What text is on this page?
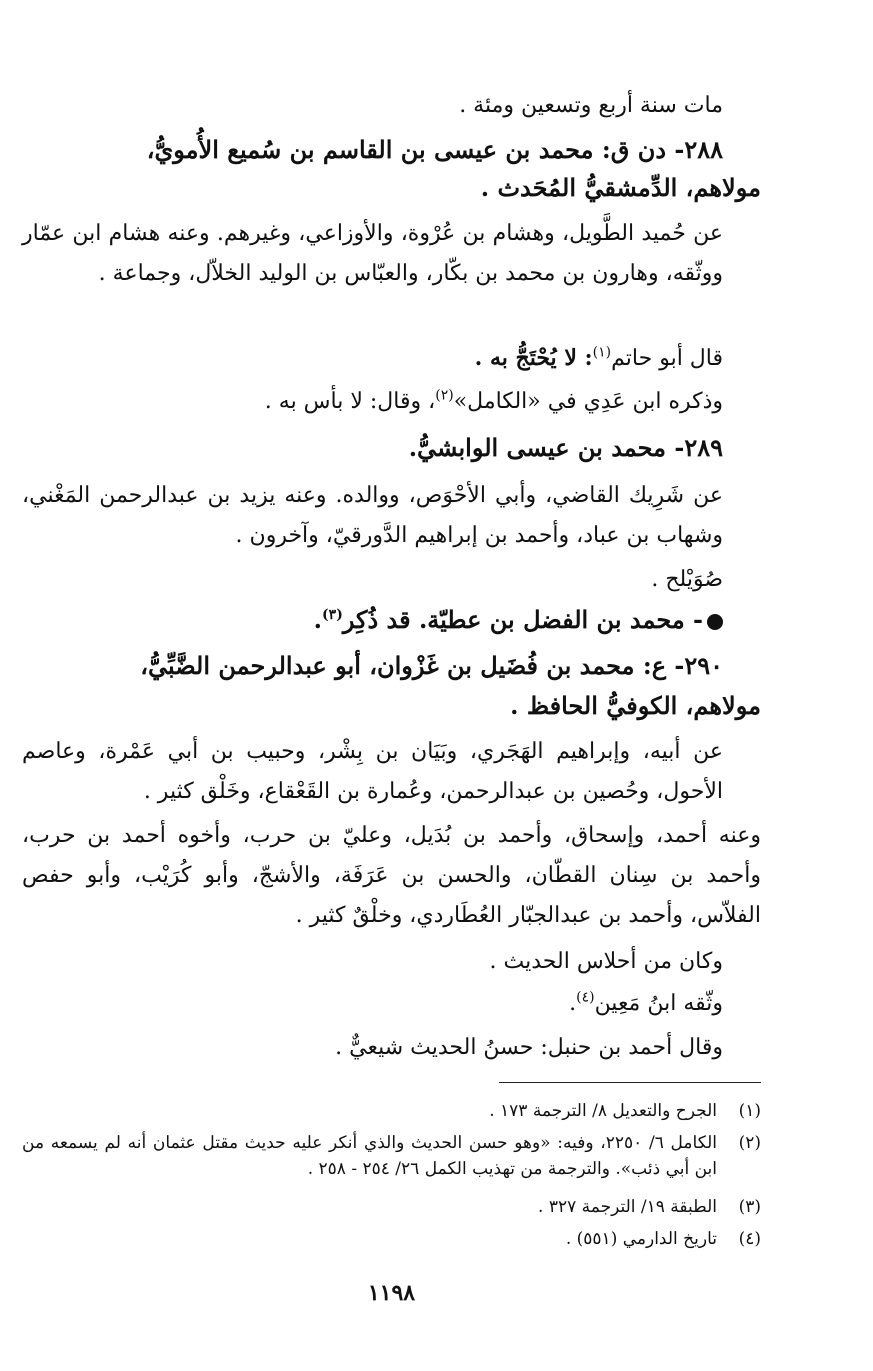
مات سنة أربع وتسعين ومئة .

٢٨٨- دن ق: محمد بن عيسى بن القاسم بن سُميع الأُمويُّ،

مولاهم، الدِّمشقيُّ المُحَدث .

عن حُميد الطَّويل، وهشام بن عُرْوة، والأوزاعي، وغيرهم. وعنه هشام ابن عمّار ووثّقه، وهارون بن محمد بن بكّار، والعبّاس بن الوليد الخلاّل، وجماعة .

قال أبو حاتم$^{(١)}$: لا يُحْتَجُّ به .

وذكره ابن عَدِي في «الكامل»$^{(٢)}$، وقال: لا بأس به .

٢٨٩- محمد بن عيسى الوابشيُّ.

عن شَرِيك القاضي، وأبي الأحْوَص، ووالده. وعنه يزيد بن عبدالرحمن المَغْني، وشهاب بن عباد، وأحمد بن إبراهيم الدَّورقيّ، وآخرون .

صُوَيْلح .

- محمد بن الفضل بن عطيّة. قد ذُكِر$^{(٣)}$.

٢٩٠- ع: محمد بن فُضَيل بن غَزْوان، أبو عبدالرحمن الضَّبِّيُّ،

مولاهم، الكوفيُّ الحافظ .

عن أبيه، وإبراهيم الهَجَري، وبَيَان بن بِشْر، وحبيب بن أبي عَمْرة، وعاصم الأحول، وحُصين بن عبدالرحمن، وعُمارة بن القَعْقاع، وخَلْق كثير .

وعنه أحمد، وإسحاق، وأحمد بن بُدَيل، وعليّ بن حرب، وأخوه أحمد بن حرب، وأحمد بن سِنان القطّان، والحسن بن عَرَفَة، والأشجّ، وأبو كُرَيْب، وأبو حفص الفلاّس، وأحمد بن عبدالجبّار العُطَاردي، وخلْقٌ كثير .

وكان من أحلاس الحديث .

وثّقه ابنُ مَعِين$^{(٤)}$.

وقال أحمد بن حنبل: حسنُ الحديث شيعيٌّ .

(١)
الجرح والتعديل ٨/ الترجمة ١٧٣ .
(٢)
الكامل ٦/ ٢٢٥٠، وفيه: «وهو حسن الحديث والذي أنكر عليه حديث مقتل عثمان أنه لم يسمعه من ابن أبي ذئب». والترجمة من تهذيب الكمل ٢٦/ ٢٥٤ - ٢٥٨ .
(٣)
الطبقة ١٩/ الترجمة ٣٢٧ .
(٤)
تاريخ الدارمي (٥٥١) .
١١٩٨
